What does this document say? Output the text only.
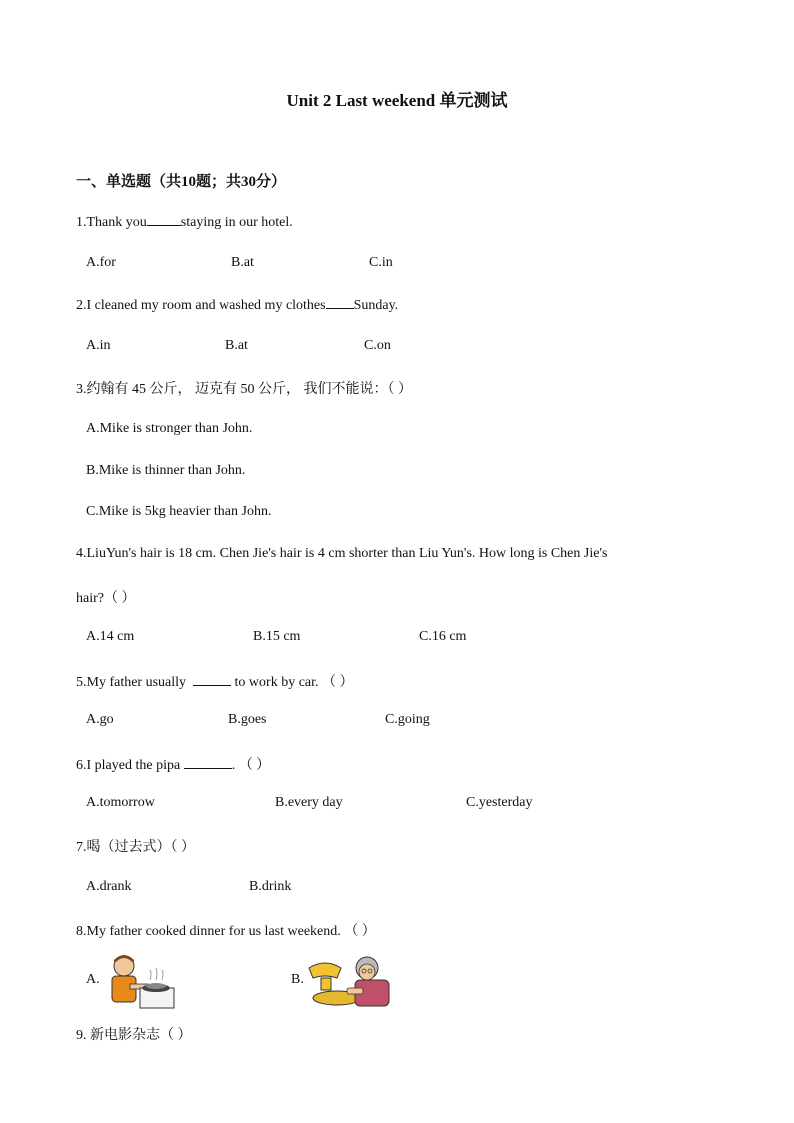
Unit 2 Last weekend 单元测试
一、单选题（共10题；共30分）
1.Thank you staying in our hotel.
A.for	B.at	C.in
2.I cleaned my room and washed my clothes Sunday.
A.in	B.at	C.on
3.约翰有 45 公斤， 迈克有 50 公斤， 我们不能说：（ ）
A.Mike is stronger than John.
B.Mike is thinner than John.
C.Mike is 5kg heavier than John.
4.LiuYun's hair is 18 cm. Chen Jie's hair is 4 cm shorter than Liu Yun's. How long is Chen Jie's
hair?（ ）
A.14 cm	B.15 cm	C.16 cm
5.My father usually	to work by car. （ ）
A.go	B.goes	C.going
6.I played the pipa	. （ ）
A.tomorrow	B.every day	C.yesterday
7.喝（过去式）（ ）
A.drank	B.drink
8.My father cooked dinner for us last weekend. （ ）
A.	B.
9. 新电影杂志（ ）
